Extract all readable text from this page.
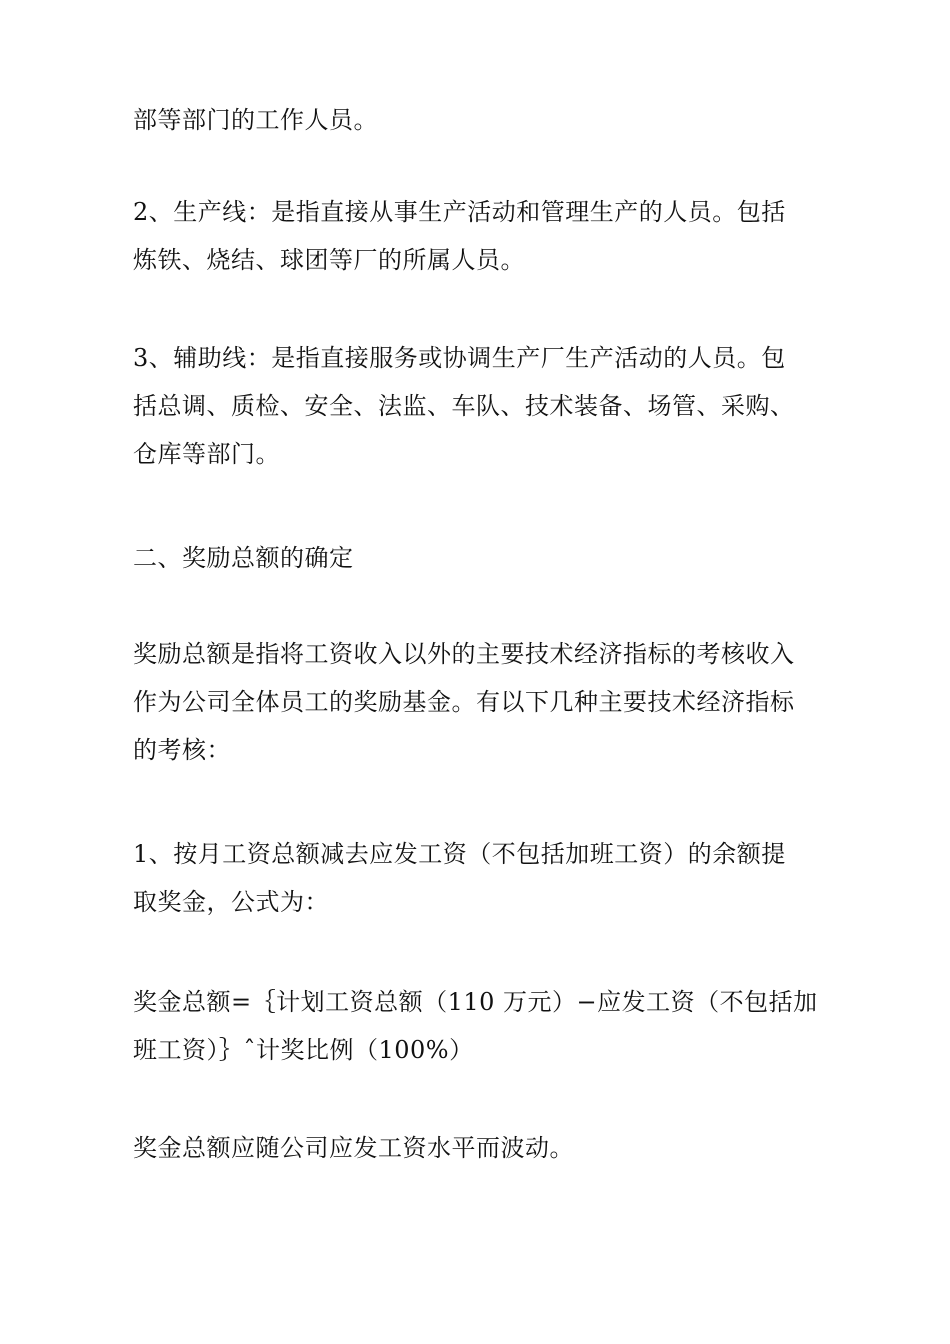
部等部门的工作人员。

2、生产线：是指直接从事生产活动和管理生产的人员。包括
炼铁、烧结、球团等厂的所属人员。

3、辅助线：是指直接服务或协调生产厂生产活动的人员。包
括总调、质检、安全、法监、车队、技术装备、场管、采购、
仓库等部门。

二、奖励总额的确定

奖励总额是指将工资收入以外的主要技术经济指标的考核收入
作为公司全体员工的奖励基金。有以下几种主要技术经济指标
的考核：

1、按月工资总额减去应发工资（不包括加班工资）的余额提
取奖金，公式为：

奖金总额=｛计划工资总额（110 万元）−应发工资（不包括加
班工资）｝ˆ计奖比例（100%）

奖金总额应随公司应发工资水平而波动。
